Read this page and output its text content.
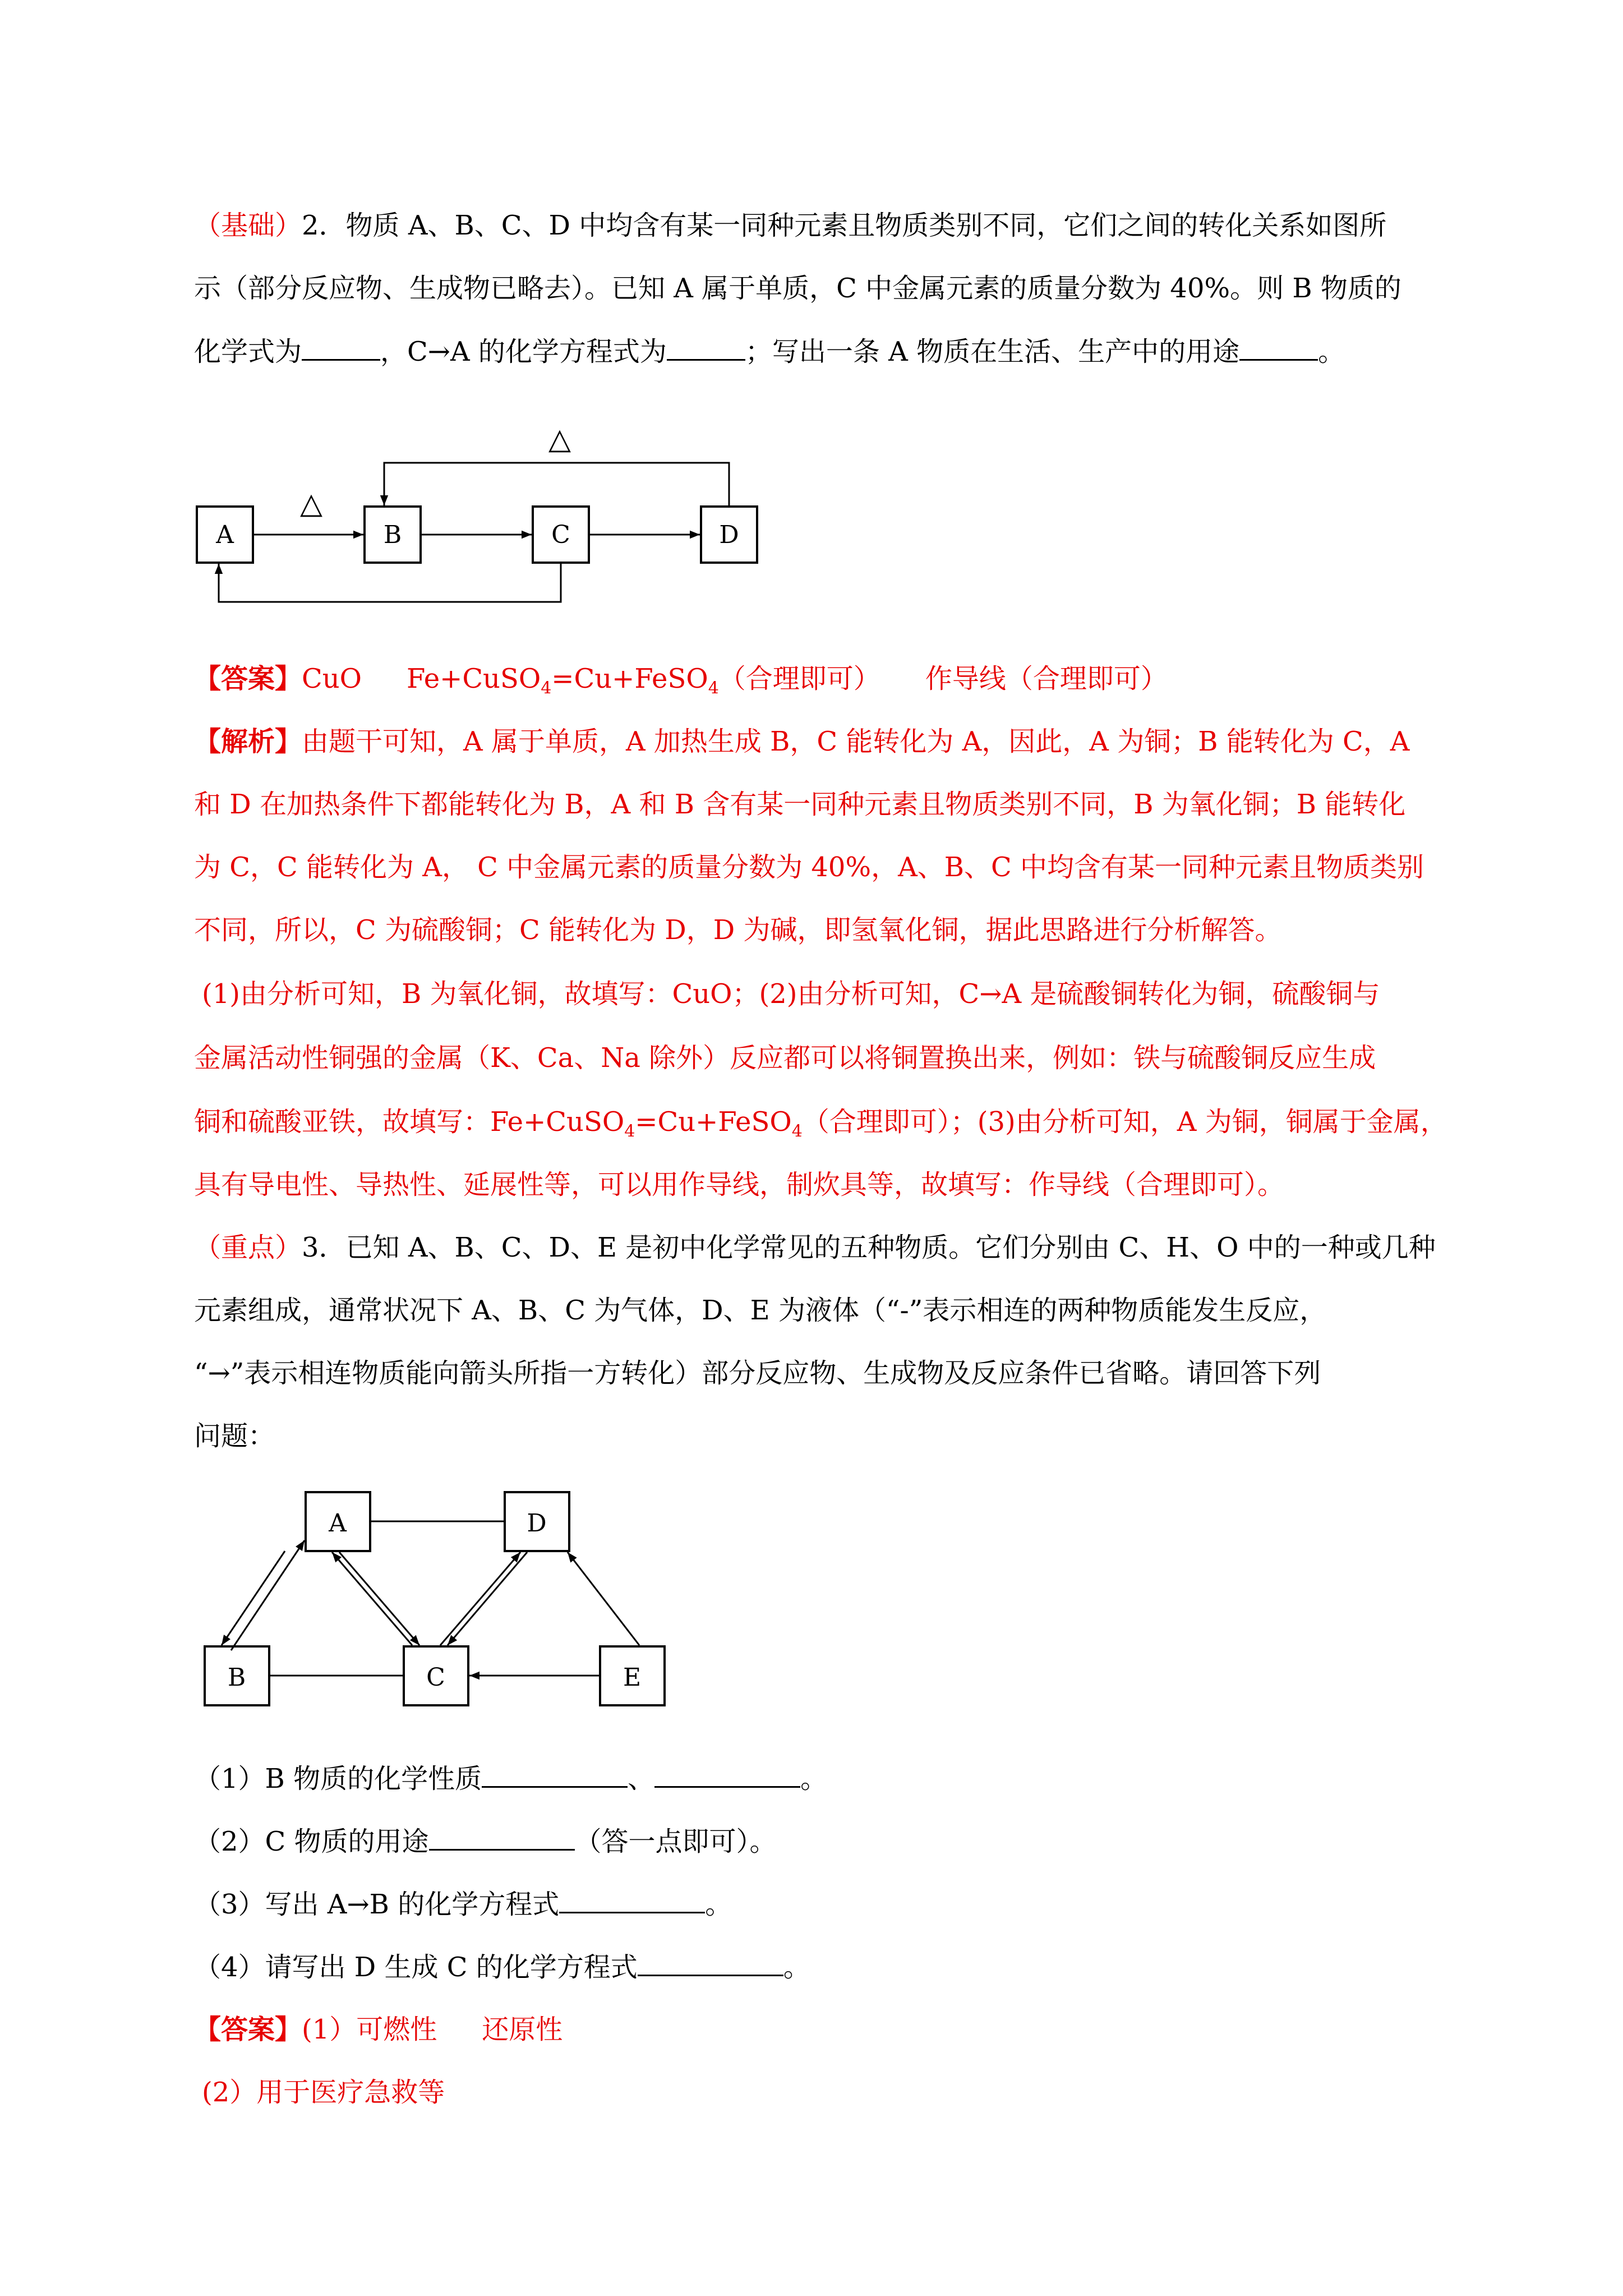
（基础）2．物质 A、B、C、D 中均含有某一同种元素且物质类别不同，它们之间的转化关系如图所
示（部分反应物、生成物已略去）。已知 A 属于单质，C 中金属元素的质量分数为 40%。则 B 物质的
化学式为	，C→A 的化学方程式为	；写出一条 A 物质在生活、生产中的用途	。
A	B	C	D
△
△
【答案】CuO Fe+CuSO$_4$=Cu+FeSO$_4$（合理即可） 作导线（合理即可）
【解析】由题干可知，A 属于单质，A 加热生成 B，C 能转化为 A，因此，A 为铜；B 能转化为 C，A
和 D 在加热条件下都能转化为 B，A 和 B 含有某一同种元素且物质类别不同，B 为氧化铜；B 能转化
为 C，C 能转化为 A， C 中金属元素的质量分数为 40%，A、B、C 中均含有某一同种元素且物质类别
不同，所以，C 为硫酸铜；C 能转化为 D，D 为碱，即氢氧化铜，据此思路进行分析解答。
(1)由分析可知，B 为氧化铜，故填写：CuO；(2)由分析可知，C→A 是硫酸铜转化为铜，硫酸铜与
金属活动性铜强的金属（K、Ca、Na 除外）反应都可以将铜置换出来，例如：铁与硫酸铜反应生成
铜和硫酸亚铁，故填写：Fe+CuSO$_4$=Cu+FeSO$_4$（合理即可）；(3)由分析可知，A 为铜，铜属于金属，
具有导电性、导热性、延展性等，可以用作导线，制炊具等，故填写：作导线（合理即可）。
（重点）3．已知 A、B、C、D、E 是初中化学常见的五种物质。它们分别由 C、H、O 中的一种或几种
元素组成，通常状况下 A、B、C 为气体，D、E 为液体（“-”表示相连的两种物质能发生反应，
“→”表示相连物质能向箭头所指一方转化）部分反应物、生成物及反应条件已省略。请回答下列
问题：
A	D
B	C	E
（1）B 物质的化学性质	、	。
（2）C 物质的用途	（答一点即可）。
（3）写出 A→B 的化学方程式	。
（4）请写出 D 生成 C 的化学方程式	。
【答案】(1）可燃性 还原性
(2）用于医疗急救等
